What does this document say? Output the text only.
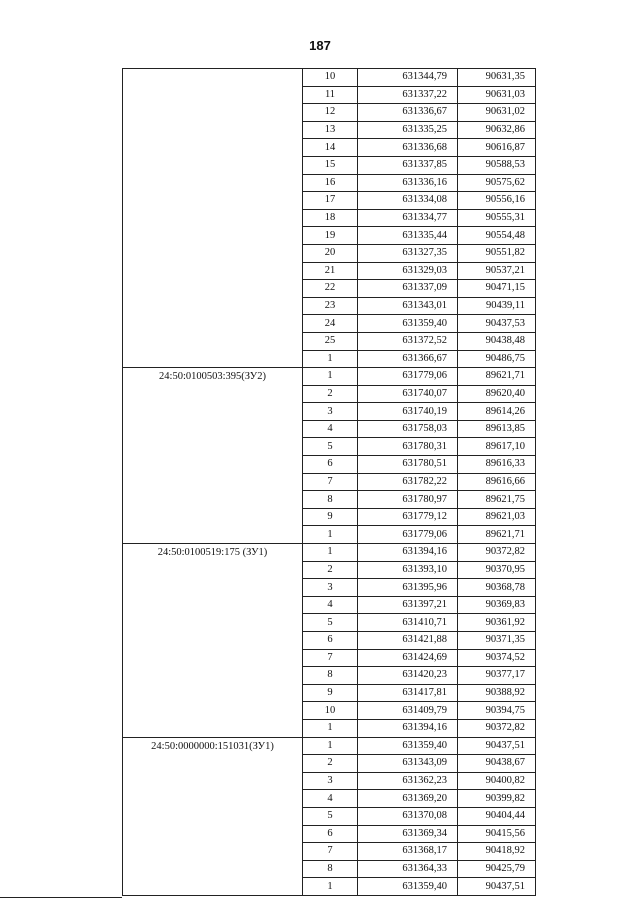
187
	10	631344,79	90631,35
	11	631337,22	90631,03
	12	631336,67	90631,02
	13	631335,25	90632,86
	14	631336,68	90616,87
	15	631337,85	90588,53
	16	631336,16	90575,62
	17	631334,08	90556,16
	18	631334,77	90555,31
	19	631335,44	90554,48
	20	631327,35	90551,82
	21	631329,03	90537,21
	22	631337,09	90471,15
	23	631343,01	90439,11
	24	631359,40	90437,53
	25	631372,52	90438,48
	1	631366,67	90486,75
24:50:0100503:395(ЗУ2)	1	631779,06	89621,71
	2	631740,07	89620,40
	3	631740,19	89614,26
	4	631758,03	89613,85
	5	631780,31	89617,10
	6	631780,51	89616,33
	7	631782,22	89616,66
	8	631780,97	89621,75
	9	631779,12	89621,03
	1	631779,06	89621,71
24:50:0100519:175 (ЗУ1)	1	631394,16	90372,82
	2	631393,10	90370,95
	3	631395,96	90368,78
	4	631397,21	90369,83
	5	631410,71	90361,92
	6	631421,88	90371,35
	7	631424,69	90374,52
	8	631420,23	90377,17
	9	631417,81	90388,92
	10	631409,79	90394,75
	1	631394,16	90372,82
24:50:0000000:151031(ЗУ1)	1	631359,40	90437,51
	2	631343,09	90438,67
	3	631362,23	90400,82
	4	631369,20	90399,82
	5	631370,08	90404,44
	6	631369,34	90415,56
	7	631368,17	90418,92
	8	631364,33	90425,79
	1	631359,40	90437,51
